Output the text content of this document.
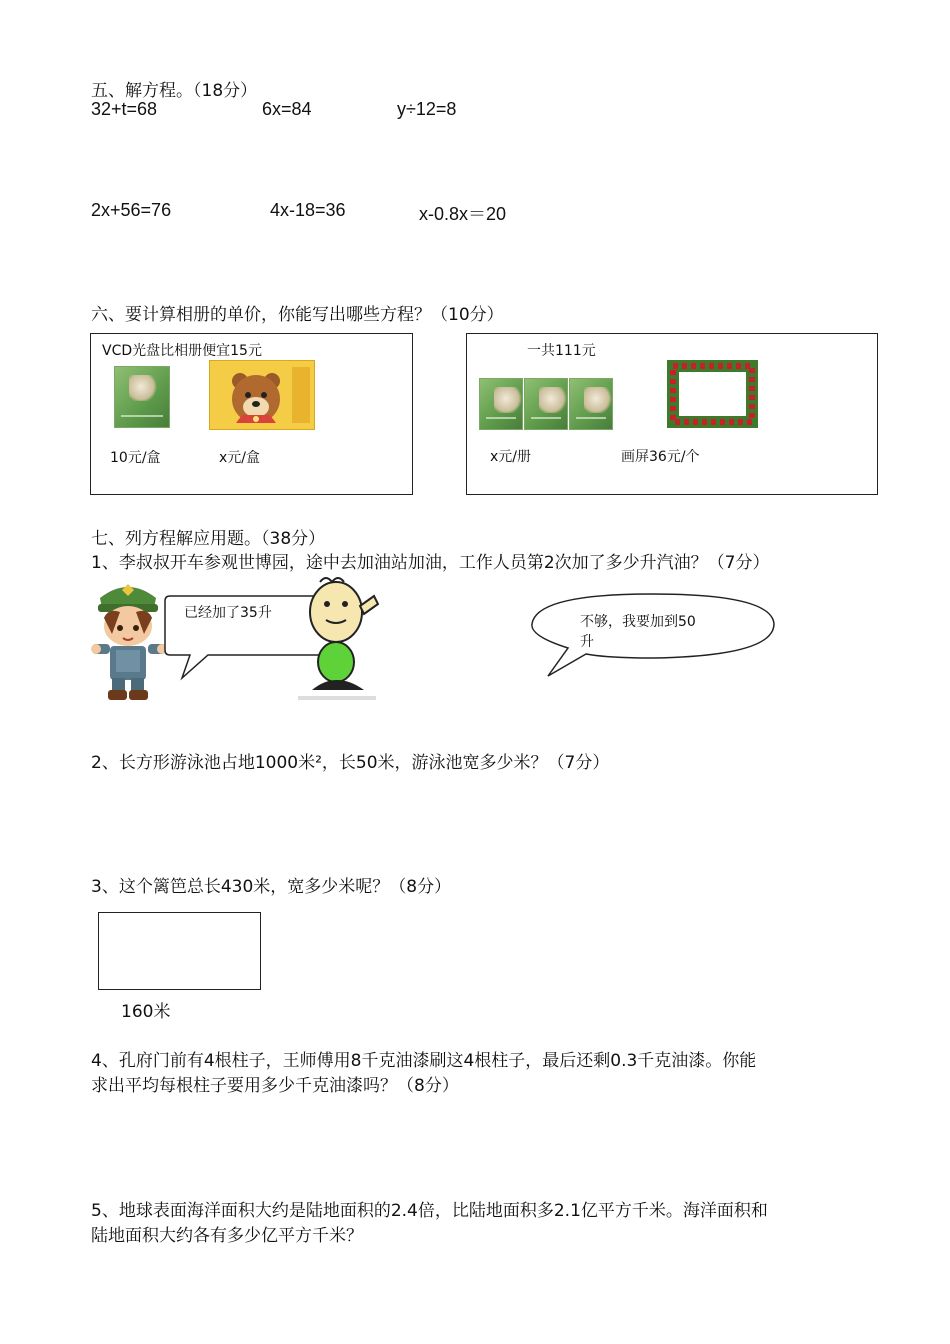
五、解方程。（18分）
32+t=68	6x=84	y÷12=8
2x+56=76	4x-18=36	x-0.8x＝20
六、要计算相册的单价，你能写出哪些方程？（10分）
VCD光盘比相册便宜15元
10元/盒	x元/盒
一共111元
x元/册	画屏36元/个
七、列方程解应用题。（38分）
1、李叔叔开车参观世博园，途中去加油站加油，工作人员第2次加了多少升汽油？（7分）
已经加了35升
不够，我要加到50
升
2、长方形游泳池占地1000米²，长50米，游泳池宽多少米？（7分）
3、这个篱笆总长430米，宽多少米呢？（8分）
160米
4、孔府门前有4根柱子，王师傅用8千克油漆刷这4根柱子，最后还剩0.3千克油漆。你能
求出平均每根柱子要用多少千克油漆吗？（8分）
5、地球表面海洋面积大约是陆地面积的2.4倍，比陆地面积多2.1亿平方千米。海洋面积和
陆地面积大约各有多少亿平方千米？
